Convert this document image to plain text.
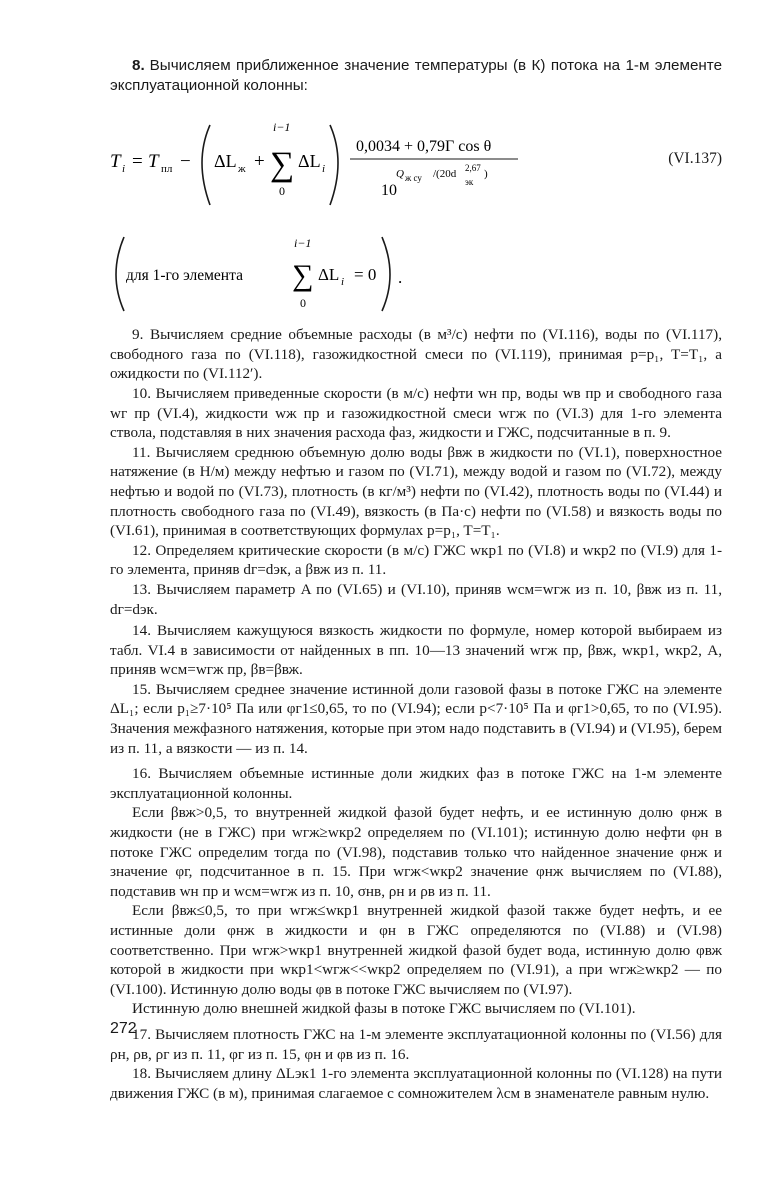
8. Вычисляем приближенное значение температуры (в К) потока на 1-м элементе эксплуатационной колонны:

T i = T пл − ΔL ж +
i−1
∑
0
ΔL i
0,0034 + 0,79Г cos θ
Q ж су /(20d 2,67
эк
)
10
(VI.137)
для 1-го элемента
i−1
∑
0
ΔL i = 0 .

9. Вычисляем средние объемные расходы (в м³/с) нефти по (VI.116), воды по (VI.117), свободного газа по (VI.118), газожидкостной смеси по (VI.119), принимая p=p₁, T=T₁, а ожидкости по (VI.112′).

10. Вычисляем приведенные скорости (в м/с) нефти wн пр, воды wв пр и свободного газа wг пр (VI.4), жидкости wж пр и газожидкостной смеси wгж по (VI.3) для 1-го элемента ствола, подставляя в них значения расхода фаз, жидкости и ГЖС, подсчитанные в п. 9.

11. Вычисляем среднюю объемную долю воды βвж в жидкости по (VI.1), поверхностное натяжение (в Н/м) между нефтью и газом по (VI.71), между водой и газом по (VI.72), между нефтью и водой по (VI.73), плотность (в кг/м³) нефти по (VI.42), плотность воды по (VI.44) и плотность свободного газа по (VI.49), вязкость (в Па·с) нефти по (VI.58) и вязкость воды по (VI.61), принимая в соответствующих формулах p=p₁, T=T₁.

12. Определяем критические скорости (в м/с) ГЖС wкр1 по (VI.8) и wкр2 по (VI.9) для 1-го элемента, приняв dг=dэк, а βвж из п. 11.

13. Вычисляем параметр A по (VI.65) и (VI.10), приняв wсм=wгж из п. 10, βвж из п. 11, dг=dэк.

14. Вычисляем кажущуюся вязкость жидкости по формуле, номер которой выбираем из табл. VI.4 в зависимости от найденных в пп. 10—13 значений wгж пр, βвж, wкр1, wкр2, A, приняв wсм=wгж пр, βв=βвж.

15. Вычисляем среднее значение истинной доли газовой фазы в потоке ГЖС на элементе ΔL₁; если p₁≥7·10⁵ Па или φг1≤0,65, то по (VI.94); если p<7·10⁵ Па и φг1>0,65, то по (VI.95). Значения межфазного натяжения, которые при этом надо подставить в (VI.94) и (VI.95), берем из п. 11, а вязкости — из п. 14.

16. Вычисляем объемные истинные доли жидких фаз в потоке ГЖС на 1-м элементе эксплуатационной колонны.

Если βвж>0,5, то внутренней жидкой фазой будет нефть, и ее истинную долю φнж в жидкости (не в ГЖС) при wгж≥wкр2 определяем по (VI.101); истинную долю нефти φн в потоке ГЖС определим тогда по (VI.98), подставив только что найденное значение φнж и значение φг, подсчитанное в п. 15. При wгж<wкр2 значение φнж вычисляем по (VI.88), подставив wн пр и wсм=wгж из п. 10, σнв, ρн и ρв из п. 11.

Если βвж≤0,5, то при wгж≤wкр1 внутренней жидкой фазой также будет нефть, и ее истинные доли φнж в жидкости и φн в ГЖС определяются по (VI.88) и (VI.98) соответственно. При wгж>wкр1 внутренней жидкой фазой будет вода, истинную долю φвж которой в жидкости при wкр1<wгж<<wкр2 определяем по (VI.91), а при wгж≥wкр2 — по (VI.100). Истинную долю воды φв в потоке ГЖС вычисляем по (VI.97).

Истинную долю внешней жидкой фазы в потоке ГЖС вычисляем по (VI.101).

17. Вычисляем плотность ГЖС на 1-м элементе эксплуатационной колонны по (VI.56) для ρн, ρв, ρг из п. 11, φг из п. 15, φн и φв из п. 16.

18. Вычисляем длину ΔLэк1 1-го элемента эксплуатационной колонны по (VI.128) на пути движения ГЖС (в м), принимая слагаемое с сомножителем λсм в знаменателе равным нулю.

272
